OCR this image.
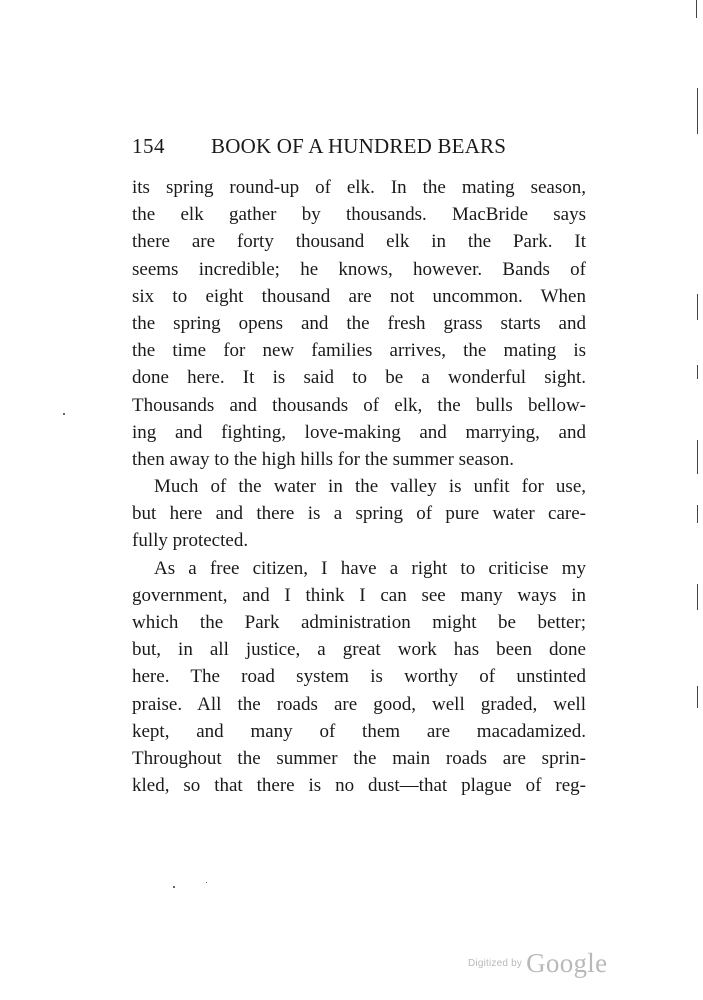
154 BOOK OF A HUNDRED BEARS
its spring round-up of elk. In the mating season,
the elk gather by thousands. MacBride says
there are forty thousand elk in the Park. It
seems incredible; he knows, however. Bands of
six to eight thousand are not uncommon. When
the spring opens and the fresh grass starts and
the time for new families arrives, the mating is
done here. It is said to be a wonderful sight.
Thousands and thousands of elk, the bulls bellow-
ing and fighting, love-making and marrying, and
then away to the high hills for the summer season.
Much of the water in the valley is unfit for use,
but here and there is a spring of pure water care-
fully protected.
As a free citizen, I have a right to criticise my
government, and I think I can see many ways in
which the Park administration might be better;
but, in all justice, a great work has been done
here. The road system is worthy of unstinted
praise. All the roads are good, well graded, well
kept, and many of them are macadamized.
Throughout the summer the main roads are sprin-
kled, so that there is no dust—that plague of reg-
Digitized by Google
